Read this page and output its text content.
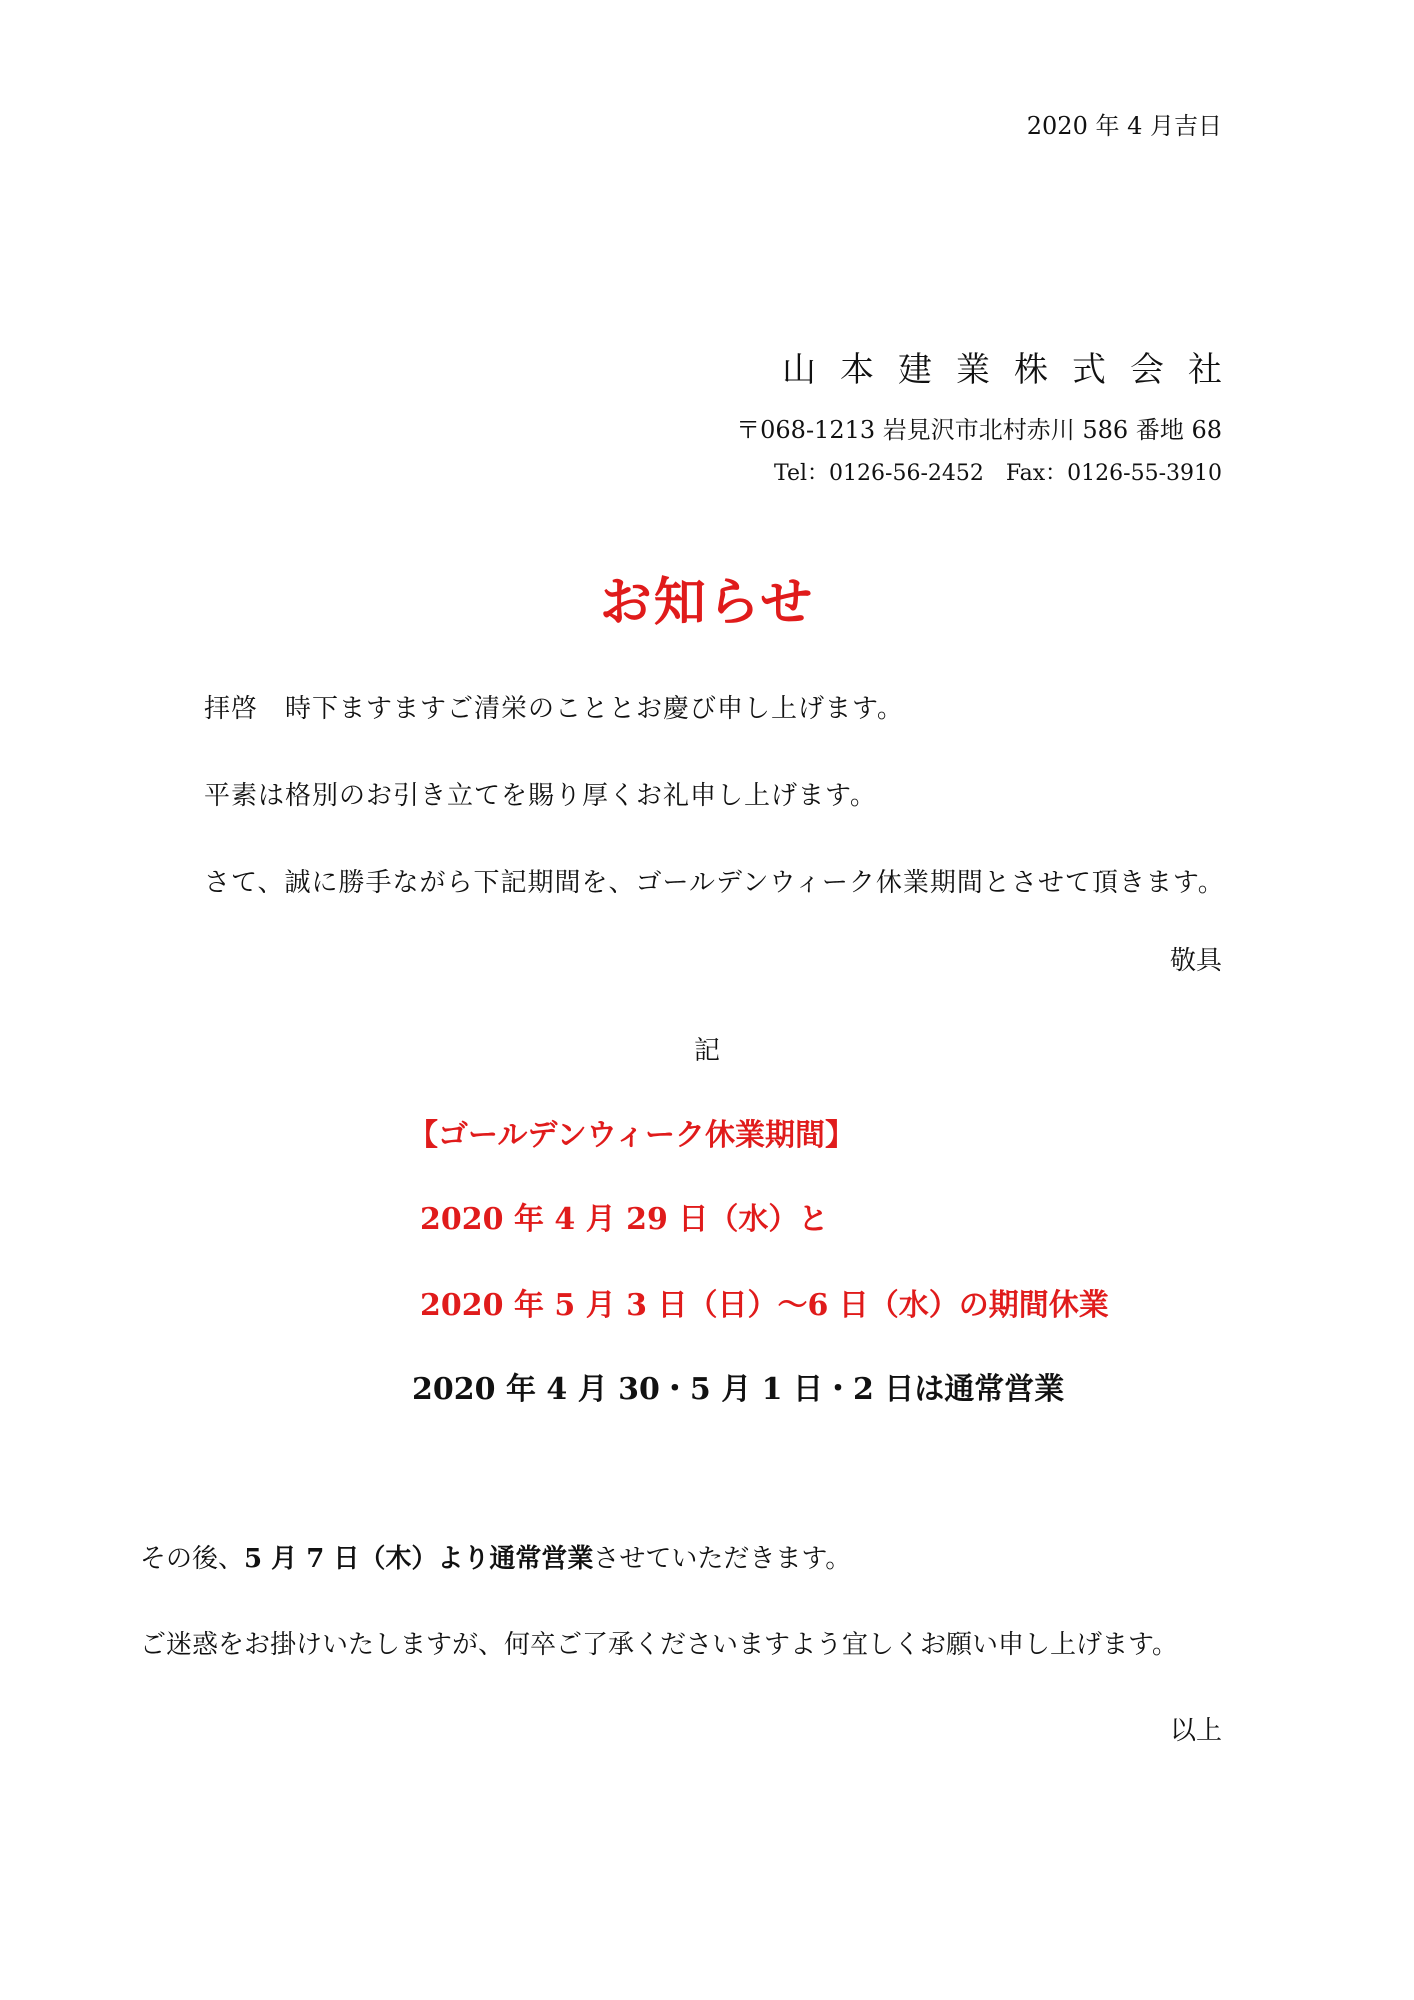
2020 年 4 月吉日
山本建業株式会社
〒068-1213 岩見沢市北村赤川 586 番地 68
Tel：0126-56-2452　Fax：0126-55-3910
お知らせ
拝啓　時下ますますご清栄のこととお慶び申し上げます。
平素は格別のお引き立てを賜り厚くお礼申し上げます。
さて、誠に勝手ながら下記期間を、ゴールデンウィーク休業期間とさせて頂きます。
敬具
記
【ゴールデンウィーク休業期間】
2020 年 4 月 29 日（水）と
2020 年 5 月 3 日（日）～6 日（水）の期間休業
2020 年 4 月 30・5 月 1 日・2 日は通常営業
その後、5 月 7 日（木）より通常営業させていただきます。
ご迷惑をお掛けいたしますが、何卒ご了承くださいますよう宜しくお願い申し上げます。
以上
